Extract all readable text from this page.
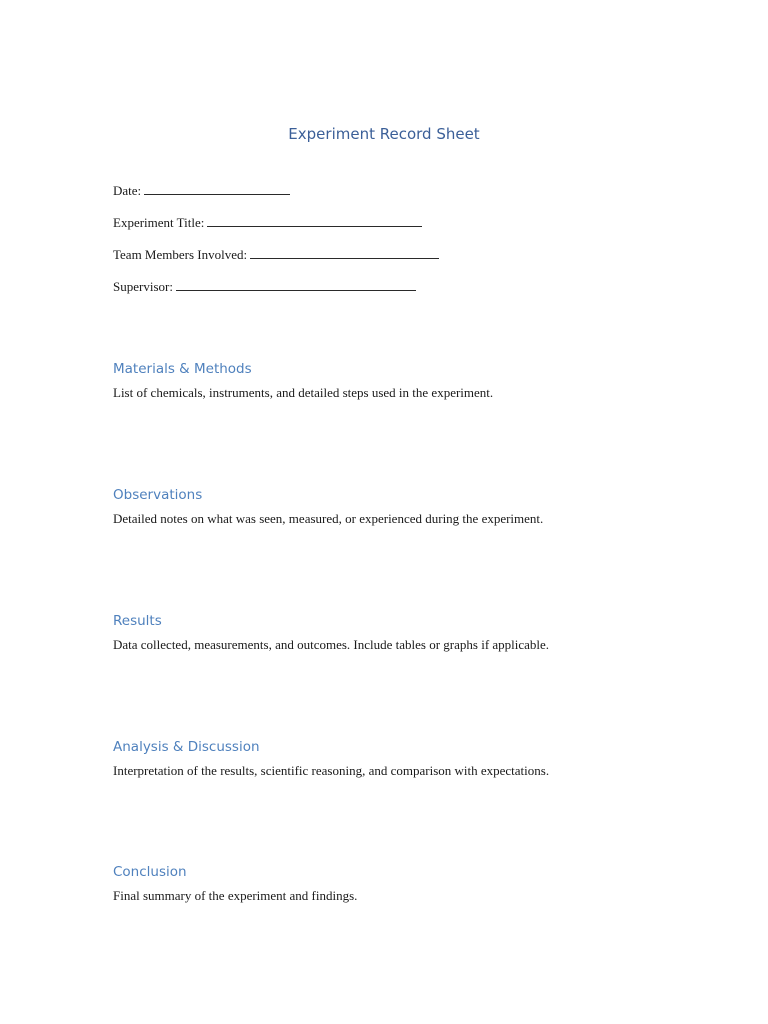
Experiment Record Sheet
Date:
Experiment Title:
Team Members Involved:
Supervisor:
Materials & Methods
List of chemicals, instruments, and detailed steps used in the experiment.
Observations
Detailed notes on what was seen, measured, or experienced during the experiment.
Results
Data collected, measurements, and outcomes. Include tables or graphs if applicable.
Analysis & Discussion
Interpretation of the results, scientific reasoning, and comparison with expectations.
Conclusion
Final summary of the experiment and findings.
